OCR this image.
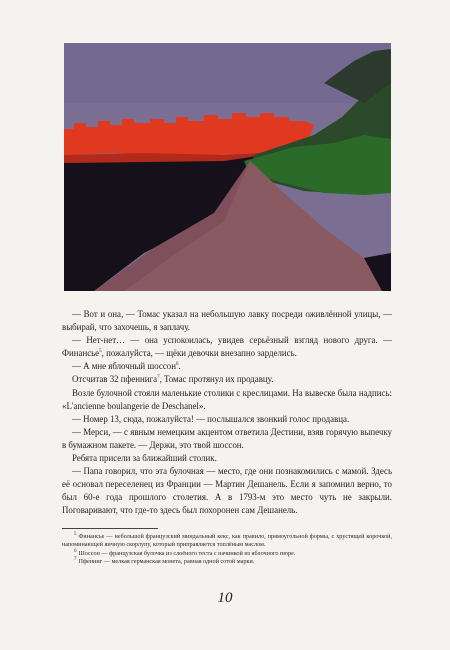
— Вот и она, — Томас указал на небольшую лавку посреди оживлённой улицы, — выбирай, что захочешь, я заплачу.

— Нет-нет… — она успокоилась, увидев серьёзный взгляд нового друга. — Финансье$^5$, пожалуйста, — щёки девочки внезапно зарделись.

— А мне яблочный шоссон$^6$.

Отсчитав 32 пфеннига$^7$, Томас протянул их продавцу.

Возле булочной стояли маленькие столики с креслицами. На вывеске была надпись: «L'ancienne boulangerie de Deschanel».

— Номер 13, сюда, пожалуйста! — послышался звонкий голос продавца.

— Мерси, — с явным немецким акцентом ответила Дестини, взяв горячую выпечку в бумажном пакете. — Держи, это твой шоссон.

Ребята присели за ближайший столик.

— Папа говорил, что эта булочная — место, где они познакомились с мамой. Здесь её основал переселенец из Франции — Мартин Дешанель. Если я запомнил верно, то был 60-е года прошлого столетия. А в 1793-м это место чуть не закрыли. Поговаривают, что где-то здесь был похоронен сам Дешанель.

$^5$ Финансье — небольшой французский миндальный кекс, как правило, прямоугольной формы, с хрустящей корочкой, напоминающей яичную скорлупу, который приправляется топлёным маслом.

$^6$ Шоссон — французская булочка из слоёного теста с начинкой из яблочного пюре.

$^7$ Пфенниг — мелкая германская монета, равная одной сотой марки.

10
